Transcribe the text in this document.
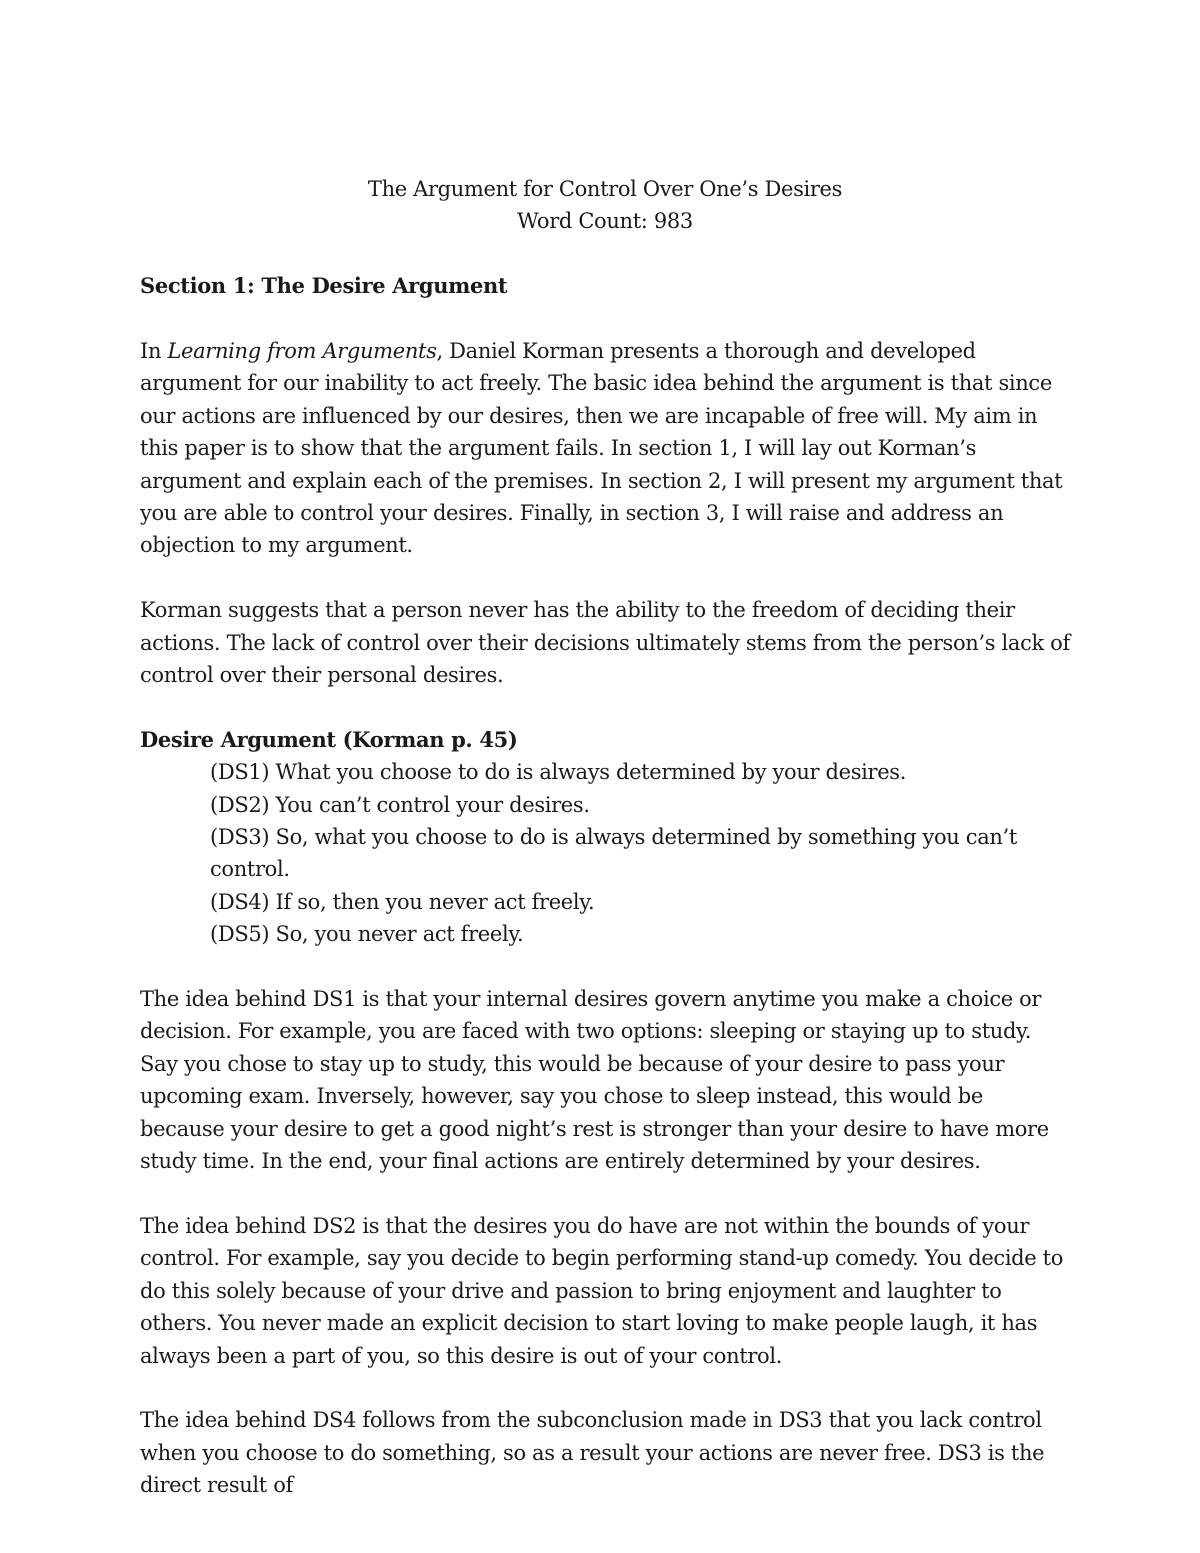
The Argument for Control Over One’s Desires
Word Count: 983
Section 1: The Desire Argument

In Learning from Arguments, Daniel Korman presents a thorough and developed argument for our inability to act freely. The basic idea behind the argument is that since our actions are influenced by our desires, then we are incapable of free will. My aim in this paper is to show that the argument fails. In section 1, I will lay out Korman’s argument and explain each of the premises. In section 2, I will present my argument that you are able to control your desires. Finally, in section 3, I will raise and address an objection to my argument.

Korman suggests that a person never has the ability to the freedom of deciding their actions. The lack of control over their decisions ultimately stems from the person’s lack of control over their personal desires.

Desire Argument (Korman p. 45)
(DS1) What you choose to do is always determined by your desires.
(DS2) You can’t control your desires.
(DS3) So, what you choose to do is always determined by something you can’t control.
(DS4) If so, then you never act freely.
(DS5) So, you never act freely.

The idea behind DS1 is that your internal desires govern anytime you make a choice or decision. For example, you are faced with two options: sleeping or staying up to study. Say you chose to stay up to study, this would be because of your desire to pass your upcoming exam. Inversely, however, say you chose to sleep instead, this would be because your desire to get a good night’s rest is stronger than your desire to have more study time. In the end, your final actions are entirely determined by your desires.

The idea behind DS2 is that the desires you do have are not within the bounds of your control. For example, say you decide to begin performing stand-up comedy. You decide to do this solely because of your drive and passion to bring enjoyment and laughter to others. You never made an explicit decision to start loving to make people laugh, it has always been a part of you, so this desire is out of your control.

The idea behind DS4 follows from the subconclusion made in DS3 that you lack control when you choose to do something, so as a result your actions are never free. DS3 is the direct result of
